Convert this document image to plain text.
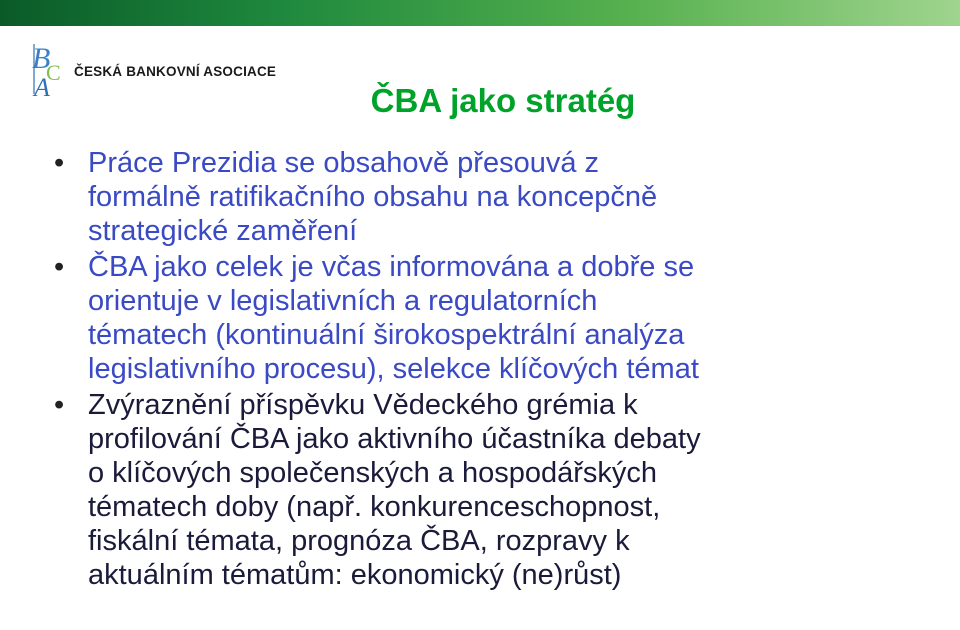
B
C
A
ČESKÁ BANKOVNÍ ASOCIACE
ČBA jako stratég
• Práce Prezidia se obsahově přesouvá z
formálně ratifikačního obsahu na koncepčně
strategické zaměření
• ČBA jako celek je včas informována a dobře se
orientuje v legislativních a regulatorních
tématech (kontinuální širokospektrální analýza
legislativního procesu), selekce klíčových témat
• Zvýraznění příspěvku Vědeckého grémia k
profilování ČBA jako aktivního účastníka debaty
o klíčových společenských a hospodářských
tématech doby (např. konkurenceschopnost,
fiskální témata, prognóza ČBA, rozpravy k
aktuálním tématům: ekonomický (ne)růst)
